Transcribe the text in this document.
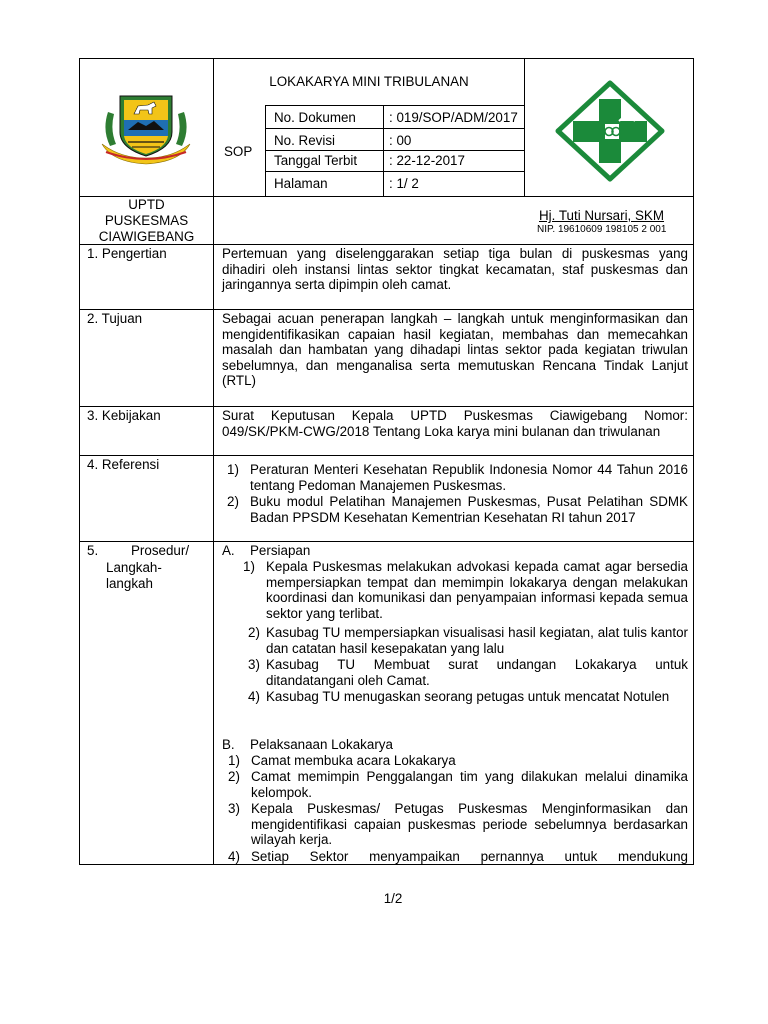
LOKAKARYA MINI TRIBULANAN
SOP
No. Dokumen : 019/SOP/ADM/2017
No. Revisi	: 00
Tanggal Terbit : 22-12-2017
Halaman	: 1/ 2
UPTD
PUSKESMAS
CIAWIGEBANG
Hj. Tuti Nursari, SKM
NIP. 19610609 198105 2 001
1. Pengertian	Pertemuan yang diselenggarakan setiap tiga bulan di puskesmas yang dihadiri oleh instansi lintas sektor tingkat kecamatan, staf puskesmas dan jaringannya serta dipimpin oleh camat.
2. Tujuan	Sebagai acuan penerapan langkah – langkah untuk menginformasikan dan mengidentifikasikan capaian hasil kegiatan, membahas dan memecahkan masalah dan hambatan yang dihadapi lintas sektor pada kegiatan triwulan sebelumnya, dan menganalisa serta memutuskan Rencana Tindak Lanjut (RTL)
3. Kebijakan	Surat Keputusan Kepala UPTD Puskesmas Ciawigebang Nomor: 049/SK/PKM-CWG/2018 Tentang Loka karya mini bulanan dan triwulanan
4. Referensi	1) Peraturan Menteri Kesehatan Republik Indonesia Nomor 44 Tahun 2016 tentang Pedoman Manajemen Puskesmas.
2) Buku modul Pelatihan Manajemen Puskesmas, Pusat Pelatihan SDMK Badan PPSDM Kesehatan Kementrian Kesehatan RI tahun 2017
5. Prosedur/
Langkah-
langkah
A. Persiapan
1) Kepala Puskesmas melakukan advokasi kepada camat agar bersedia mempersiapkan tempat dan memimpin lokakarya dengan melakukan koordinasi dan komunikasi dan penyampaian informasi kepada semua sektor yang terlibat.
2) Kasubag TU mempersiapkan visualisasi hasil kegiatan, alat tulis kantor dan catatan hasil kesepakatan yang lalu
3) Kasubag TU Membuat surat undangan Lokakarya untuk ditandatangani oleh Camat.
4) Kasubag TU menugaskan seorang petugas untuk mencatat Notulen
B. Pelaksanaan Lokakarya
1) Camat membuka acara Lokakarya
2) Camat memimpin Penggalangan tim yang dilakukan melalui dinamika kelompok.
3) Kepala Puskesmas/ Petugas Puskesmas Menginformasikan dan mengidentifikasi capaian puskesmas periode sebelumnya berdasarkan wilayah kerja.
4) Setiap Sektor menyampaikan pernannya untuk mendukung
1/2
